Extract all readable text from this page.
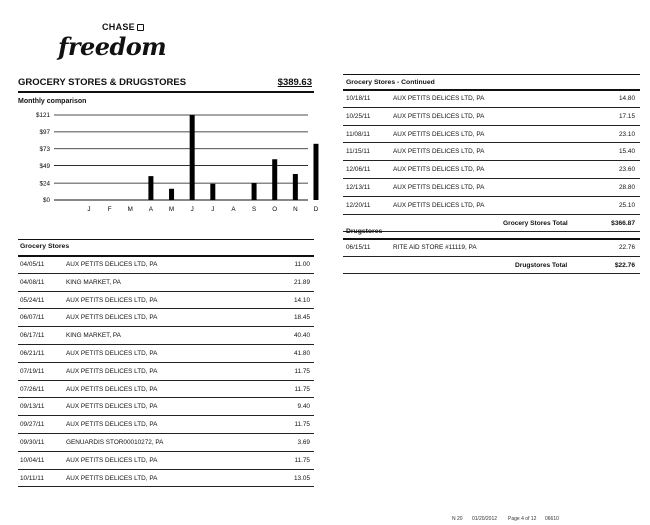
CHASE
freedom
GROCERY STORES & DRUGSTORES	$389.63
Monthly comparison
$121
$97
$73
$49
$24
$0
J	F	M	A	M	J	J	A	S	O	N	D
Grocery Stores
04/05/11	AUX PETITS DELICES LTD, PA	11.00
04/08/11	KING MARKET, PA	21.89
05/24/11	AUX PETITS DELICES LTD, PA	14.10
06/07/11	AUX PETITS DELICES LTD, PA	18.45
06/17/11	KING MARKET, PA	40.40
06/21/11	AUX PETITS DELICES LTD, PA	41.80
07/19/11	AUX PETITS DELICES LTD, PA	11.75
07/26/11	AUX PETITS DELICES LTD, PA	11.75
09/13/11	AUX PETITS DELICES LTD, PA	9.40
09/27/11	AUX PETITS DELICES LTD, PA	11.75
09/30/11	GENUARDIS STOR00010272, PA	3.69
10/04/11	AUX PETITS DELICES LTD, PA	11.75
10/11/11	AUX PETITS DELICES LTD, PA	13.05
Grocery Stores - Continued
10/18/11	AUX PETITS DELICES LTD, PA	14.80
10/25/11	AUX PETITS DELICES LTD, PA	17.15
11/08/11	AUX PETITS DELICES LTD, PA	23.10
11/15/11	AUX PETITS DELICES LTD, PA	15.40
12/06/11	AUX PETITS DELICES LTD, PA	23.60
12/13/11	AUX PETITS DELICES LTD, PA	28.80
12/20/11	AUX PETITS DELICES LTD, PA	25.10
Grocery Stores Total	$366.87
Drugstores
06/15/11	RITE AID STORE #11119, PA	22.76
Drugstores Total	$22.76
N 20 01/20/2012 Page 4 of 12 06610
